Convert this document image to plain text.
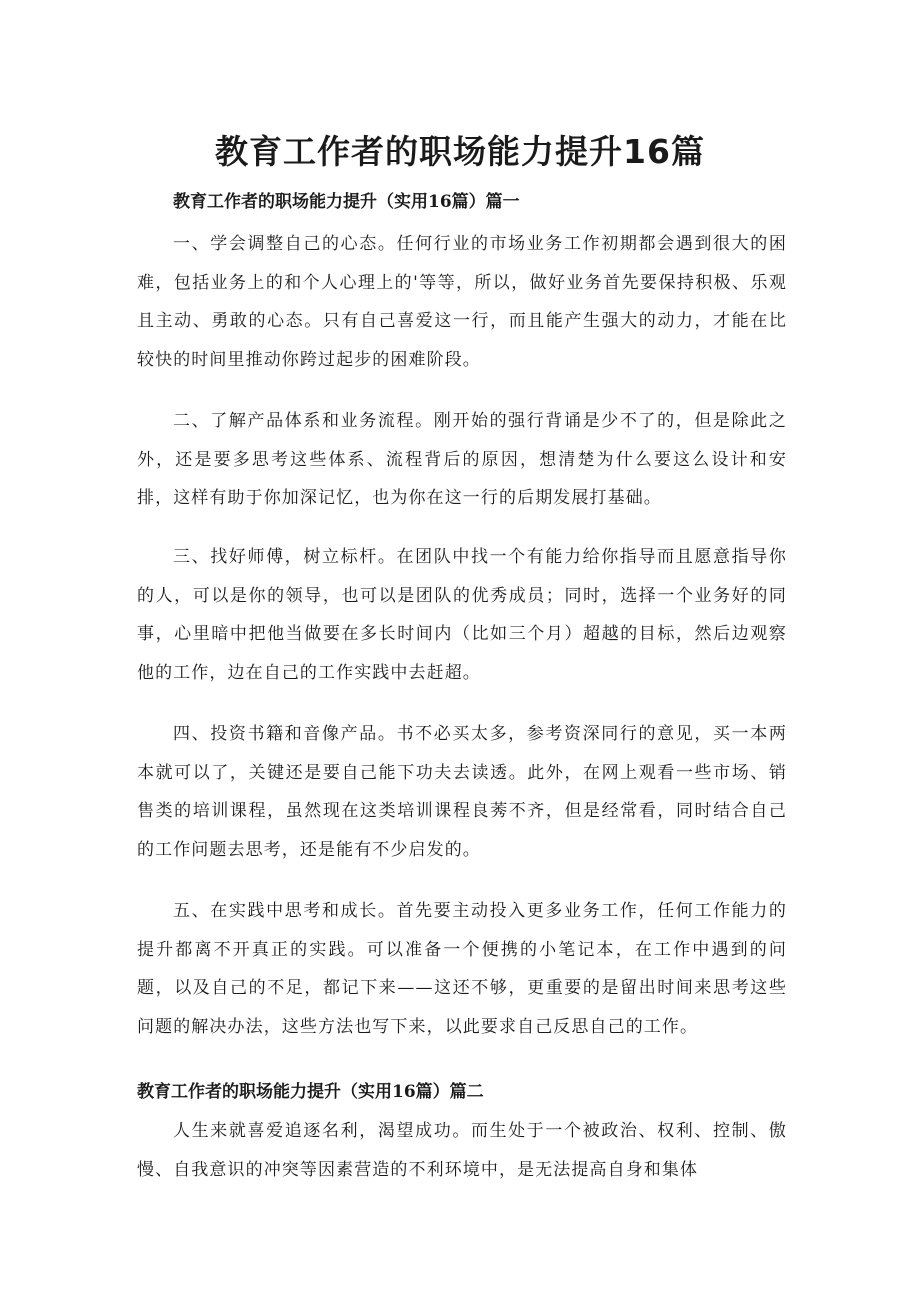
教育工作者的职场能力提升16篇
教育工作者的职场能力提升（实用16篇）篇一

一、学会调整自己的心态。任何行业的市场业务工作初期都会遇到很大的困难，包括业务上的和个人心理上的'等等，所以，做好业务首先要保持积极、乐观且主动、勇敢的心态。只有自己喜爱这一行，而且能产生强大的动力，才能在比较快的时间里推动你跨过起步的困难阶段。

二、了解产品体系和业务流程。刚开始的强行背诵是少不了的，但是除此之外，还是要多思考这些体系、流程背后的原因，想清楚为什么要这么设计和安排，这样有助于你加深记忆，也为你在这一行的后期发展打基础。

三、找好师傅，树立标杆。在团队中找一个有能力给你指导而且愿意指导你的人，可以是你的领导，也可以是团队的优秀成员；同时，选择一个业务好的同事，心里暗中把他当做要在多长时间内（比如三个月）超越的目标，然后边观察他的工作，边在自己的工作实践中去赶超。

四、投资书籍和音像产品。书不必买太多，参考资深同行的意见，买一本两本就可以了，关键还是要自己能下功夫去读透。此外，在网上观看一些市场、销售类的培训课程，虽然现在这类培训课程良莠不齐，但是经常看，同时结合自己的工作问题去思考，还是能有不少启发的。

五、在实践中思考和成长。首先要主动投入更多业务工作，任何工作能力的提升都离不开真正的实践。可以准备一个便携的小笔记本，在工作中遇到的问题，以及自己的不足，都记下来——这还不够，更重要的是留出时间来思考这些问题的解决办法，这些方法也写下来，以此要求自己反思自己的工作。

教育工作者的职场能力提升（实用16篇）篇二

人生来就喜爱追逐名利，渴望成功。而生处于一个被政治、权利、控制、傲慢、自我意识的冲突等因素营造的不利环境中，是无法提高自身和集体
